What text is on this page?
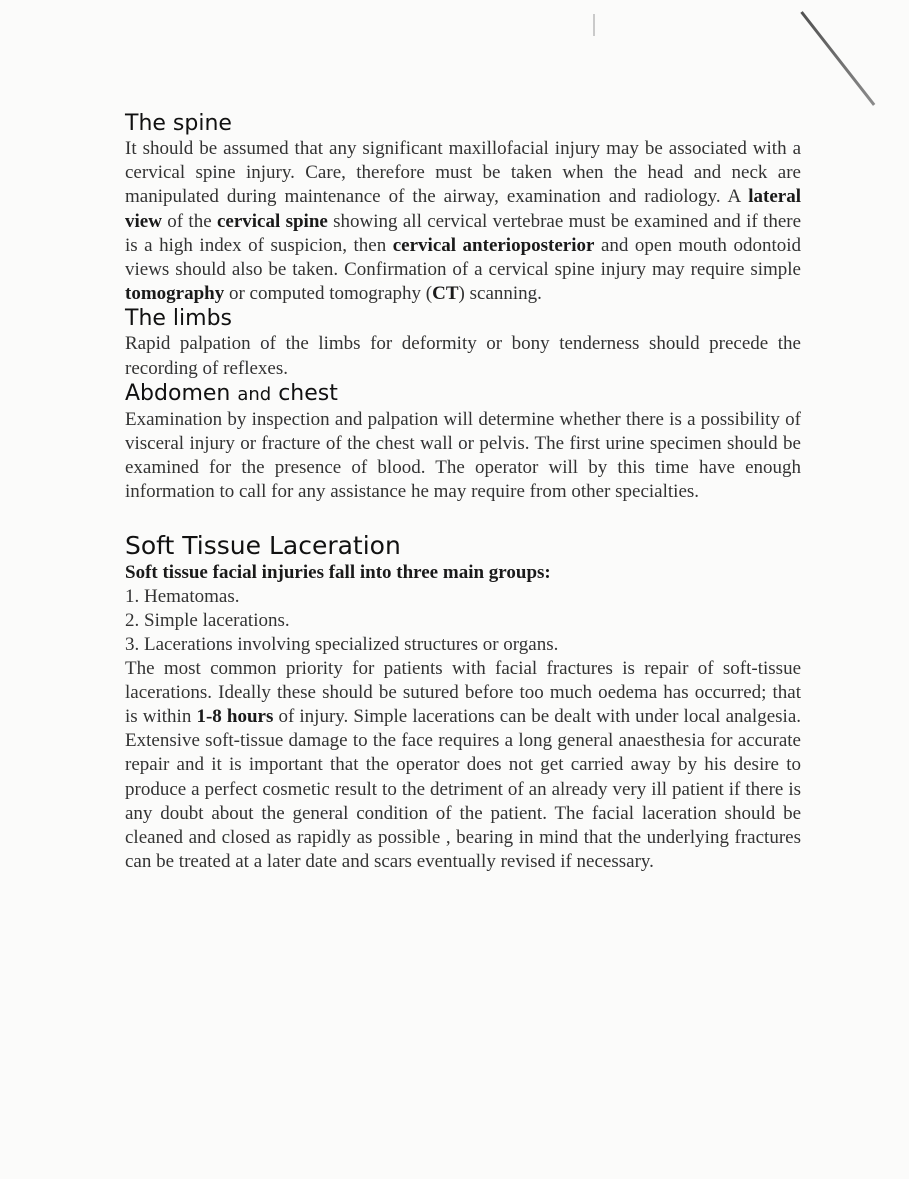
The spine

It should be assumed that any significant maxillofacial injury may be associated with a cervical spine injury. Care, therefore must be taken when the head and neck are manipulated during maintenance of the airway, examination and radiology. A lateral view of the cervical spine showing all cervical vertebrae must be examined and if there is a high index of suspicion, then cervical anterioposterior and open mouth odontoid views should also be taken. Confirmation of a cervical spine injury may require simple tomography or computed tomography (CT) scanning.

The limbs

Rapid palpation of the limbs for deformity or bony tenderness should precede the recording of reflexes.

Abdomen and chest

Examination by inspection and palpation will determine whether there is a possibility of visceral injury or fracture of the chest wall or pelvis. The first urine specimen should be examined for the presence of blood. The operator will by this time have enough information to call for any assistance he may require from other specialties.

Soft Tissue Laceration

Soft tissue facial injuries fall into three main groups:

1. Hematomas.
2. Simple lacerations.
3. Lacerations involving specialized structures or organs.

The most common priority for patients with facial fractures is repair of soft-tissue lacerations. Ideally these should be sutured before too much oedema has occurred; that is within 1-8 hours of injury. Simple lacerations can be dealt with under local analgesia. Extensive soft-tissue damage to the face requires a long general anaesthesia for accurate repair and it is important that the operator does not get carried away by his desire to produce a perfect cosmetic result to the detriment of an already very ill patient if there is any doubt about the general condition of the patient. The facial laceration should be cleaned and closed as rapidly as possible , bearing in mind that the underlying fractures can be treated at a later date and scars eventually revised if necessary.
